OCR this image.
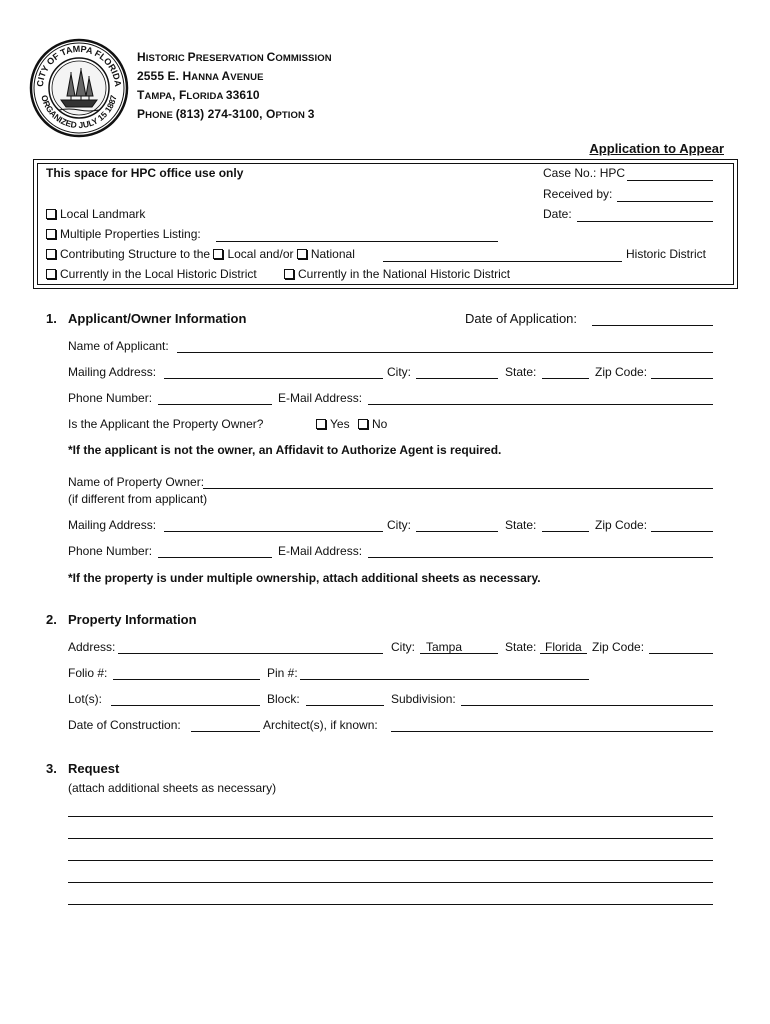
CITY OF TAMPA FLORIDA
ORGANIZED JULY 15 1887
HISTORIC PRESERVATION COMMISSION
2555 E. HANNA AVENUE
TAMPA, FLORIDA 33610
PHONE (813) 274-3100, OPTION 3
Application to Appear
This space for HPC office use only	Case No.: HPC
Received by:
Date:
Local Landmark
Multiple Properties Listing:
Contributing Structure to the Local and/or National	Historic District
Currently in the Local Historic District	Currently in the National Historic District
1. Applicant/Owner Information	Date of Application:
Name of Applicant:
Mailing Address:	City:	State:	Zip Code:
Phone Number:	E-Mail Address:
Is the Applicant the Property Owner?	Yes	No
*If the applicant is not the owner, an Affidavit to Authorize Agent is required.
Name of Property Owner:
(if different from applicant)
Mailing Address:	City:	State:	Zip Code:
Phone Number:	E-Mail Address:
*If the property is under multiple ownership, attach additional sheets as necessary.
2. Property Information
Address:	City: Tampa	State: Florida Zip Code:
Folio #:	Pin #:
Lot(s):	Block:	Subdivision:
Date of Construction:	Architect(s), if known:
3. Request
(attach additional sheets as necessary)
